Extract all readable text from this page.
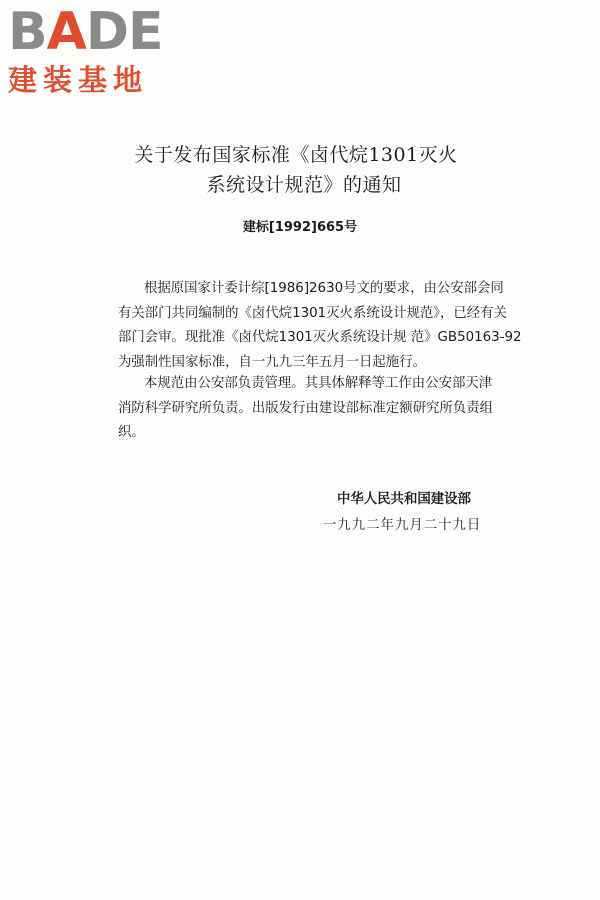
BADE
建装基地
关于发布国家标准《卤代烷1301灭火
系统设计规范》的通知
建标[1992]665号
根据原国家计委计综[1986]2630号文的要求，由公安部会同
有关部门共同编制的《卤代烷1301灭火系统设计规范》，已经有关
部门会审。现批准《卤代烷1301灭火系统设计规 范》GB50163-92
为强制性国家标准，自一九九三年五月一日起施行。
本规范由公安部负责管理。其具体解释等工作由公安部天津
消防科学研究所负责。出版发行由建设部标准定额研究所负责组
织。
中华人民共和国建设部
一九九二年九月二十九日
